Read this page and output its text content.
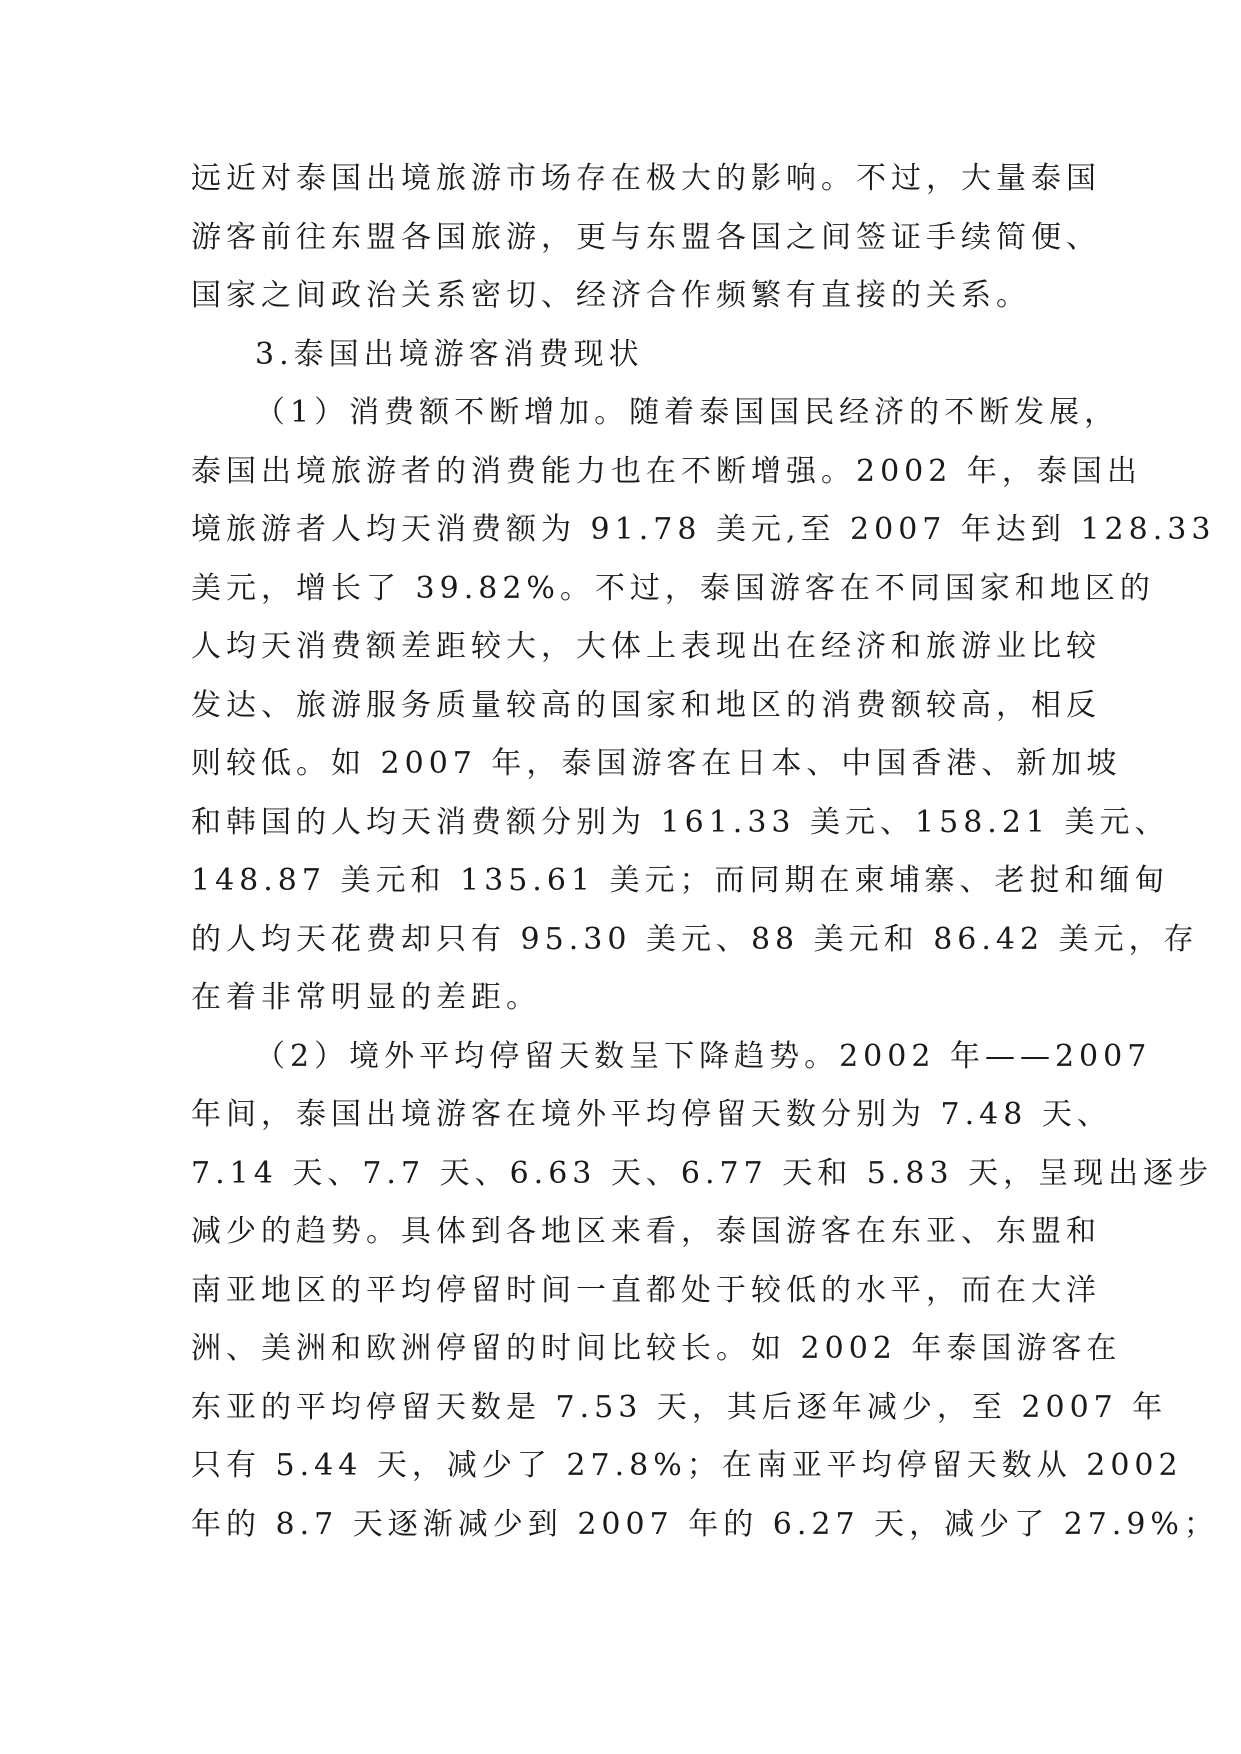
远近对泰国出境旅游市场存在极大的影响。不过，大量泰国
游客前往东盟各国旅游，更与东盟各国之间签证手续简便、
国家之间政治关系密切、经济合作频繁有直接的关系。
3.泰国出境游客消费现状
（1）消费额不断增加。随着泰国国民经济的不断发展，
泰国出境旅游者的消费能力也在不断增强。2002 年，泰国出
境旅游者人均天消费额为 91.78 美元,至 2007 年达到 128.33
美元，增长了 39.82%。不过，泰国游客在不同国家和地区的
人均天消费额差距较大，大体上表现出在经济和旅游业比较
发达、旅游服务质量较高的国家和地区的消费额较高，相反
则较低。如 2007 年，泰国游客在日本、中国香港、新加坡
和韩国的人均天消费额分别为 161.33 美元、158.21 美元、
148.87 美元和 135.61 美元；而同期在柬埔寨、老挝和缅甸
的人均天花费却只有 95.30 美元、88 美元和 86.42 美元，存
在着非常明显的差距。
（2）境外平均停留天数呈下降趋势。2002 年——2007
年间，泰国出境游客在境外平均停留天数分别为 7.48 天、
7.14 天、7.7 天、6.63 天、6.77 天和 5.83 天，呈现出逐步
减少的趋势。具体到各地区来看，泰国游客在东亚、东盟和
南亚地区的平均停留时间一直都处于较低的水平，而在大洋
洲、美洲和欧洲停留的时间比较长。如 2002 年泰国游客在
东亚的平均停留天数是 7.53 天，其后逐年减少，至 2007 年
只有 5.44 天，减少了 27.8%；在南亚平均停留天数从 2002
年的 8.7 天逐渐减少到 2007 年的 6.27 天，减少了 27.9%；
